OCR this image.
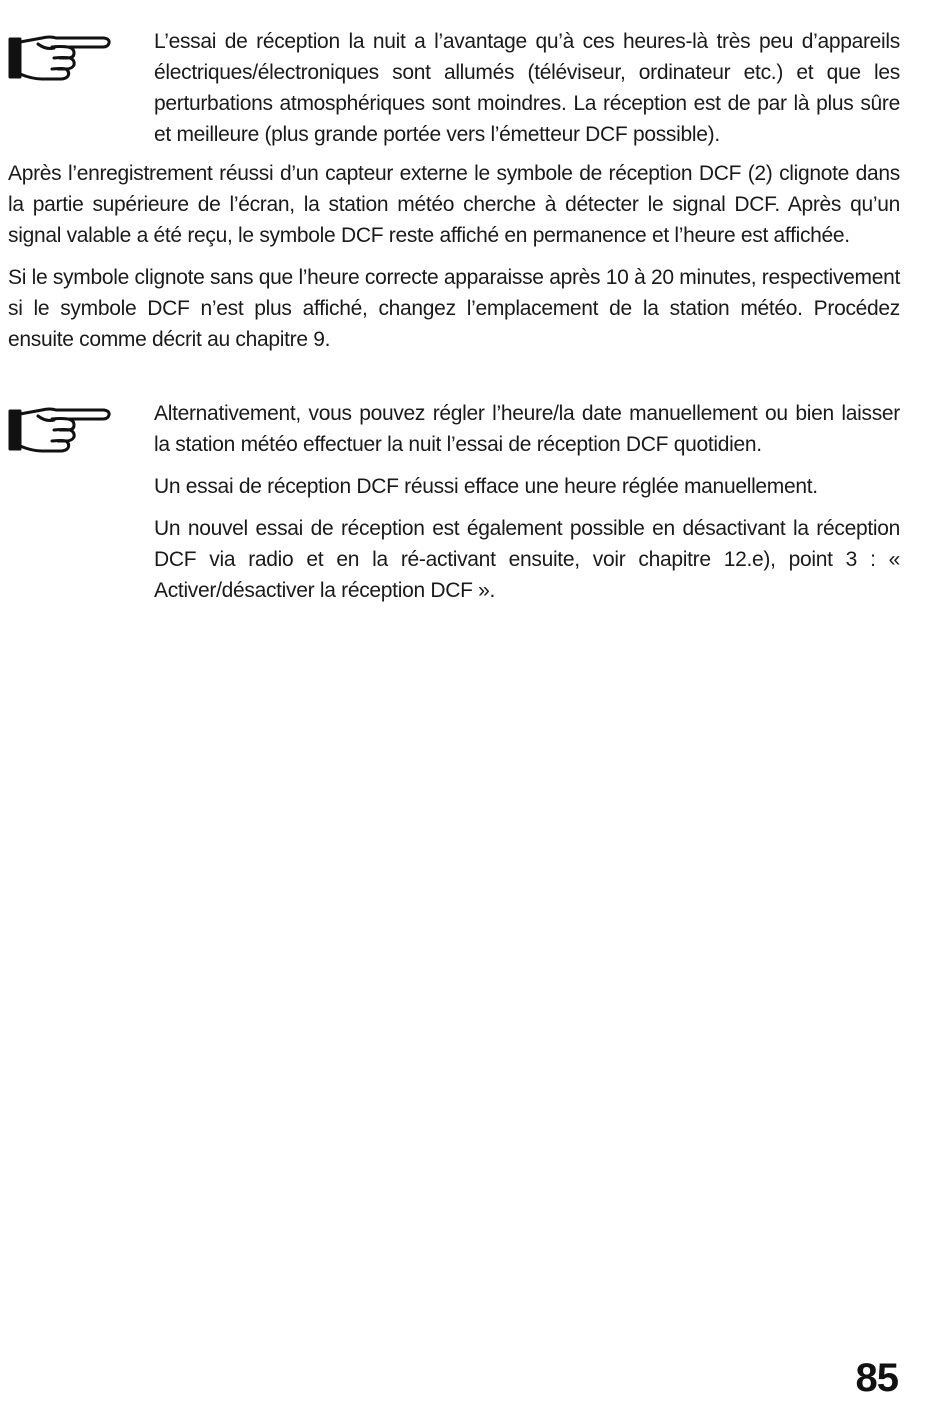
L’essai de réception la nuit a l’avantage qu’à ces heures-là très peu d’appareils électriques/électroniques sont allumés (téléviseur, ordinateur etc.) et que les perturbations atmosphériques sont moindres. La réception est de par là plus sûre et meilleure (plus grande portée vers l’émetteur DCF possible).

Après l’enregistrement réussi d’un capteur externe le symbole de réception DCF (2) clignote dans la partie supérieure de l’écran, la station météo cherche à détecter le signal DCF. Après qu’un signal valable a été reçu, le symbole DCF reste affiché en permanence et l’heure est affichée.

Si le symbole clignote sans que l’heure correcte apparaisse après 10 à 20 minutes, respectivement si le symbole DCF n’est plus affiché, changez l’emplacement de la station météo. Procédez ensuite comme décrit au chapitre 9.

Alternativement, vous pouvez régler l’heure/la date manuellement ou bien laisser la station météo effectuer la nuit l’essai de réception DCF quotidien.

Un essai de réception DCF réussi efface une heure réglée manuellement.

Un nouvel essai de réception est également possible en désactivant la réception DCF via radio et en la ré-activant ensuite, voir chapitre 12.e), point 3 : « Activer/désactiver la réception DCF ».

85
